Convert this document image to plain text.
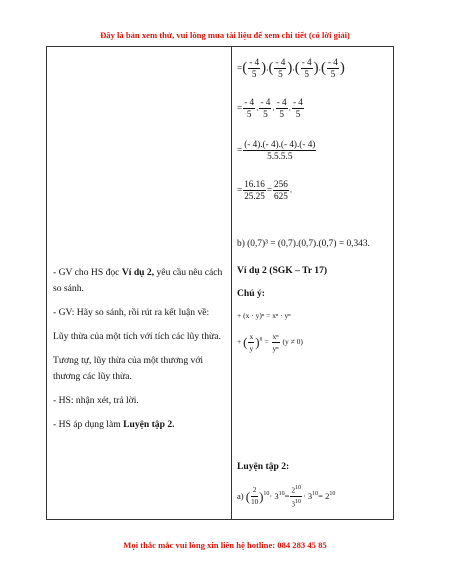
Đây là bản xem thử, vui lòng mua tài liệu để xem chi tiết (có lời giải)

- GV cho HS đọc Ví dụ 2, yêu cầu nêu cách so sánh.

- GV: Hãy so sánh, rồi rút ra kết luận về:

Lũy thừa của một tích với tích các lũy thừa.

Tương tự, lũy thừa của một thương với thương các lũy thừa.

- HS: nhận xét, trả lời.

- HS áp dụng làm Luyện tập 2.

=( $\frac{- 4}{5}$ ).( $\frac{- 4}{5}$ ).( $\frac{- 4}{5}$ ).( $\frac{- 4}{5}$ )
= $\frac{- 4}{5}$ . $\frac{- 4}{5}$ . $\frac{- 4}{5}$ . $\frac{- 4}{5}$
= $\frac{(- 4).(- 4).(- 4).(- 4)}{5.5.5.5}$
= $\frac{16.16}{25.25} = \frac{256}{625}$ .
b) (0,7)³ = (0,7).(0,7).(0,7) = 0,343.
Ví dụ 2 (SGK – Tr 17)
Chú ý:
+ (x · y)ⁿ = xⁿ · yⁿ
+ ( $\frac{x}{y} )^n = \frac{\text{xⁿ}}{\text{yⁿ}} (y \ne 0)$
Luyện tập 2:
a) ( $\frac{2}{10} )^{10}\cdot 3^{10}= \frac{210}{310} \cdot 3^{10}= 2^{10}$
Mọi thắc mắc vui lòng xin liên hệ hotline: 084 283 45 85
